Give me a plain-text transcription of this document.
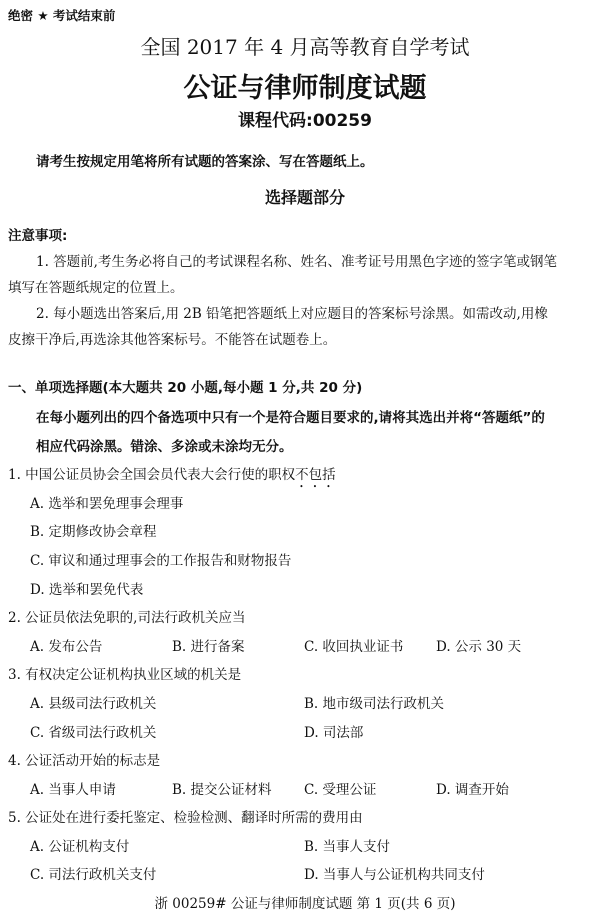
绝密 ★ 考试结束前
全国 2017 年 4 月高等教育自学考试
公证与律师制度试题
课程代码:00259
请考生按规定用笔将所有试题的答案涂、写在答题纸上。
选择题部分
注意事项:
1. 答题前,考生务必将自己的考试课程名称、姓名、准考证号用黑色字迹的签字笔或钢笔
填写在答题纸规定的位置上。
2. 每小题选出答案后,用 2B 铅笔把答题纸上对应题目的答案标号涂黑。如需改动,用橡
皮擦干净后,再选涂其他答案标号。不能答在试题卷上。
一、单项选择题(本大题共 20 小题,每小题 1 分,共 20 分)
在每小题列出的四个备选项中只有一个是符合题目要求的,请将其选出并将“答题纸”的
相应代码涂黑。错涂、多涂或未涂均无分。
1. 中国公证员协会全国会员代表大会行使的职权不包括
A. 选举和罢免理事会理事
B. 定期修改协会章程
C. 审议和通过理事会的工作报告和财物报告
D. 选举和罢免代表
2. 公证员依法免职的,司法行政机关应当
A. 发布公告	B. 进行备案	C. 收回执业证书 D. 公示 30 天
3. 有权决定公证机构执业区域的机关是
A. 县级司法行政机关	B. 地市级司法行政机关
C. 省级司法行政机关	D. 司法部
4. 公证活动开始的标志是
A. 当事人申请	B. 提交公证材料 C. 受理公证	D. 调查开始
5. 公证处在进行委托鉴定、检验检测、翻译时所需的费用由
A. 公证机构支付	B. 当事人支付
C. 司法行政机关支付	D. 当事人与公证机构共同支付
浙 00259# 公证与律师制度试题 第 1 页(共 6 页)
